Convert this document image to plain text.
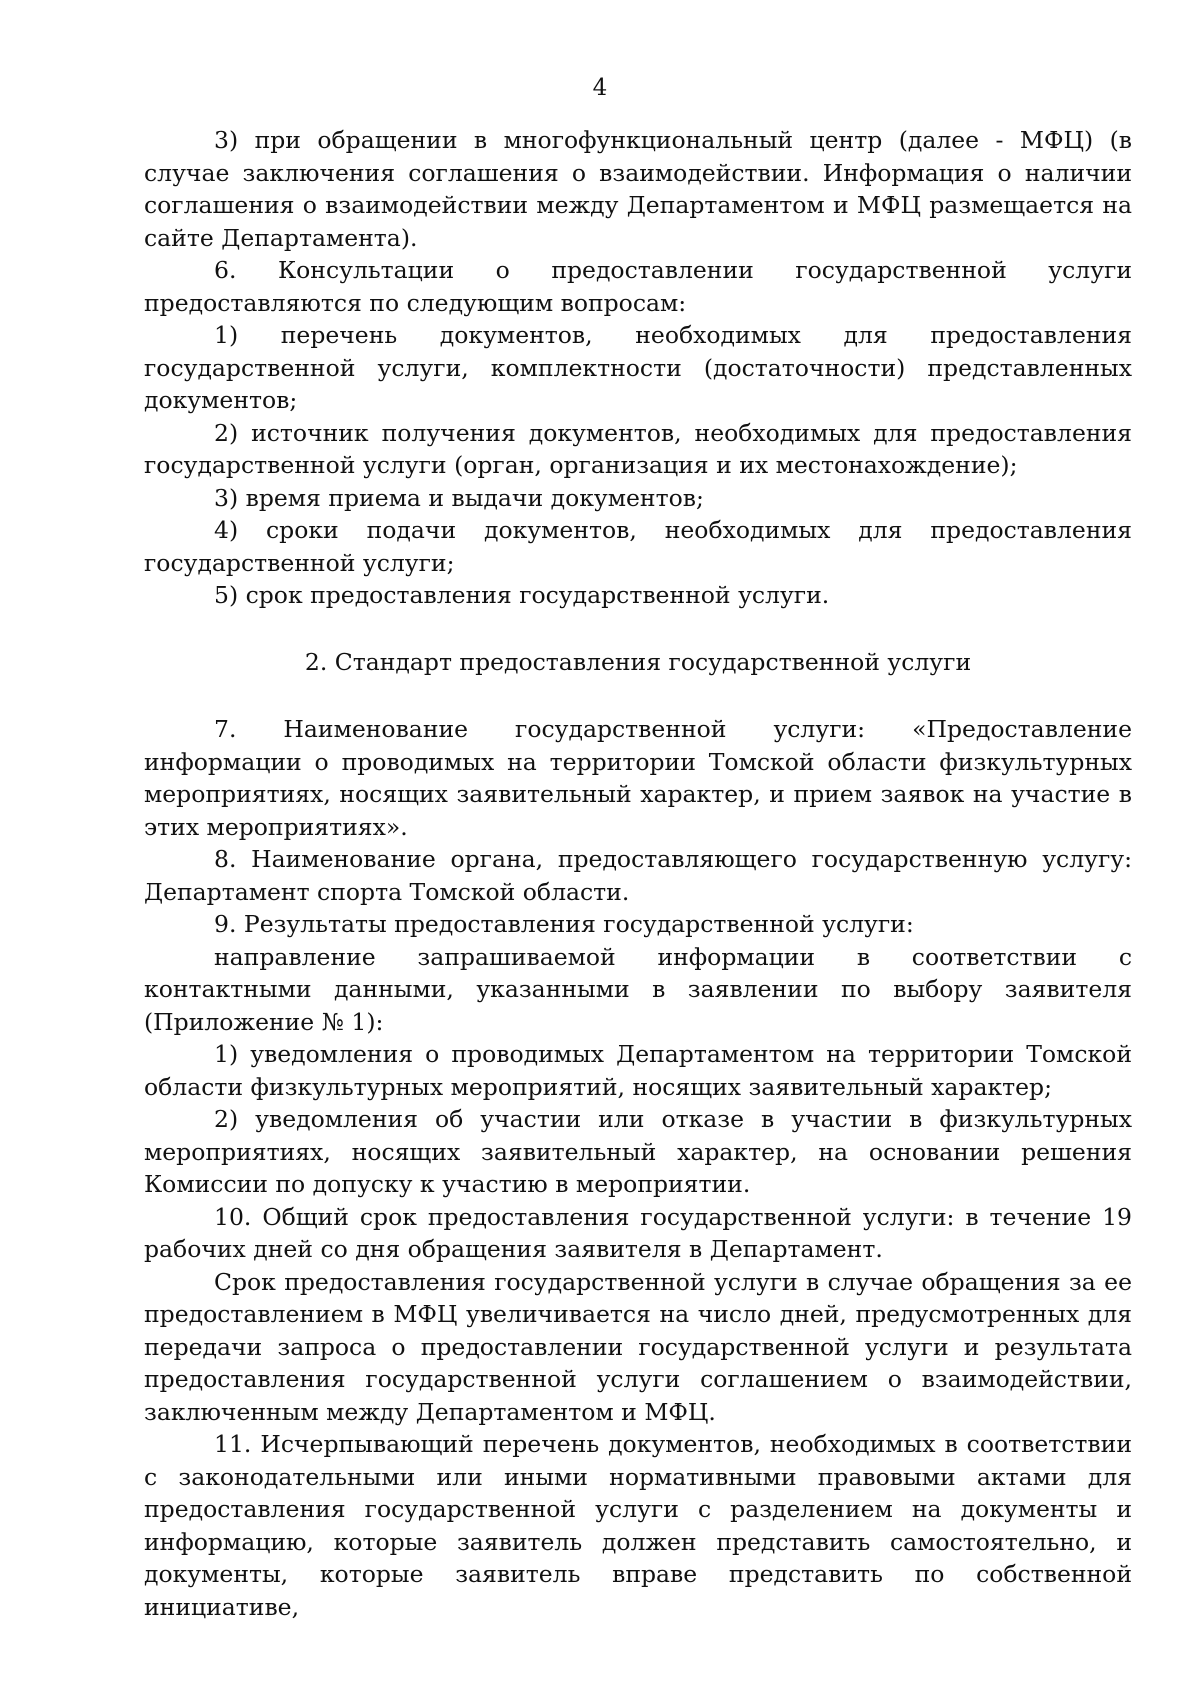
4

3) при обращении в многофункциональный центр (далее - МФЦ) (в случае заключения соглашения о взаимодействии. Информация о наличии соглашения о взаимодействии между Департаментом и МФЦ размещается на сайте Департамента).

6. Консультации о предоставлении государственной услуги предоставляются по следующим вопросам:

1) перечень документов, необходимых для предоставления государственной услуги, комплектности (достаточности) представленных документов;

2) источник получения документов, необходимых для предоставления государственной услуги (орган, организация и их местонахождение);

3) время приема и выдачи документов;

4) сроки подачи документов, необходимых для предоставления государственной услуги;

5) срок предоставления государственной услуги.

2. Стандарт предоставления государственной услуги

7. Наименование государственной услуги: «Предоставление информации о проводимых на территории Томской области физкультурных мероприятиях, носящих заявительный характер, и прием заявок на участие в этих мероприятиях».

8. Наименование органа, предоставляющего государственную услугу: Департамент спорта Томской области.

9. Результаты предоставления государственной услуги:

направление запрашиваемой информации в соответствии с контактными данными, указанными в заявлении по выбору заявителя (Приложение № 1):

1) уведомления о проводимых Департаментом на территории Томской области физкультурных мероприятий, носящих заявительный характер;

2) уведомления об участии или отказе в участии в физкультурных мероприятиях, носящих заявительный характер, на основании решения Комиссии по допуску к участию в мероприятии.

10. Общий срок предоставления государственной услуги: в течение 19 рабочих дней со дня обращения заявителя в Департамент.

Срок предоставления государственной услуги в случае обращения за ее предоставлением в МФЦ увеличивается на число дней, предусмотренных для передачи запроса о предоставлении государственной услуги и результата предоставления государственной услуги соглашением о взаимодействии, заключенным между Департаментом и МФЦ.

11. Исчерпывающий перечень документов, необходимых в соответствии с законодательными или иными нормативными правовыми актами для предоставления государственной услуги с разделением на документы и информацию, которые заявитель должен представить самостоятельно, и документы, которые заявитель вправе представить по собственной инициативе,
